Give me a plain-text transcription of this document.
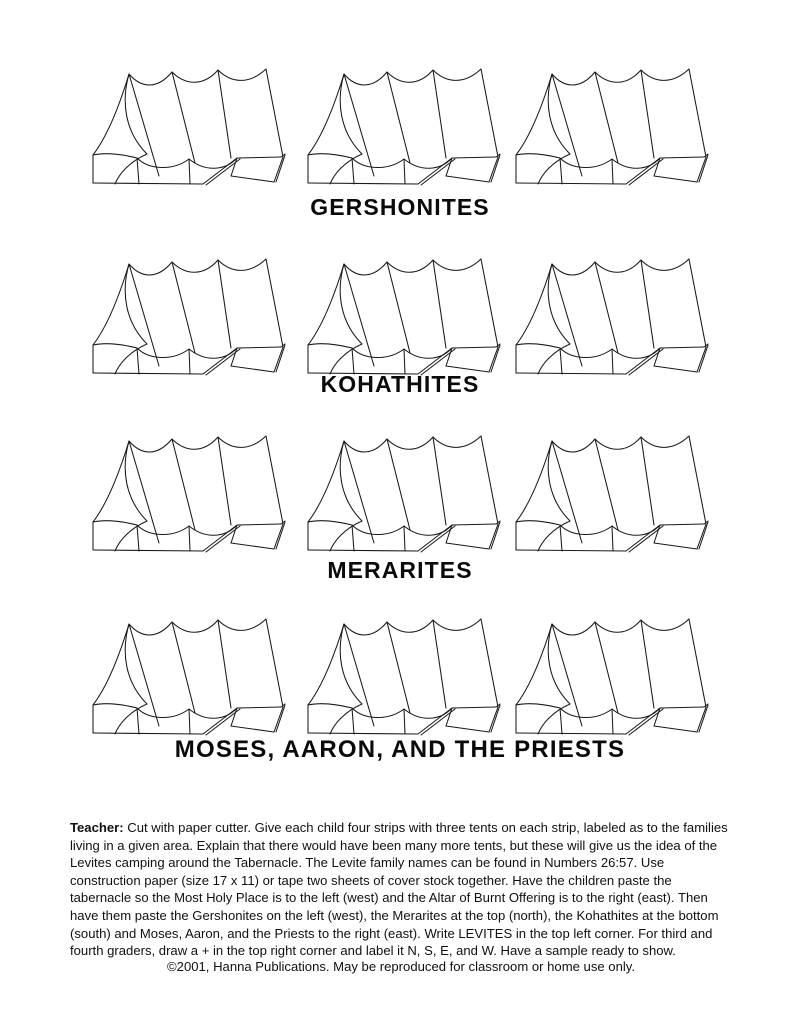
GERSHONITES
KOHATHITES
MERARITES
MOSES, AARON, AND THE PRIESTS

Teacher: Cut with paper cutter. Give each child four strips with three tents on each strip, labeled as to the families living in a given area. Explain that there would have been many more tents, but these will give us the idea of the Levites camping around the Tabernacle. The Levite family names can be found in Numbers 26:57. Use construction paper (size 17 x 11) or tape two sheets of cover stock together. Have the children paste the tabernacle so the Most Holy Place is to the left (west) and the Altar of Burnt Offering is to the right (east). Then have them paste the Gershonites on the left (west), the Merarites at the top (north), the Kohathites at the bottom (south) and Moses, Aaron, and the Priests to the right (east). Write LEVITES in the top left corner. For third and fourth graders, draw a + in the top right corner and label it N, S, E, and W. Have a sample ready to show.

©2001, Hanna Publications. May be reproduced for classroom or home use only.
